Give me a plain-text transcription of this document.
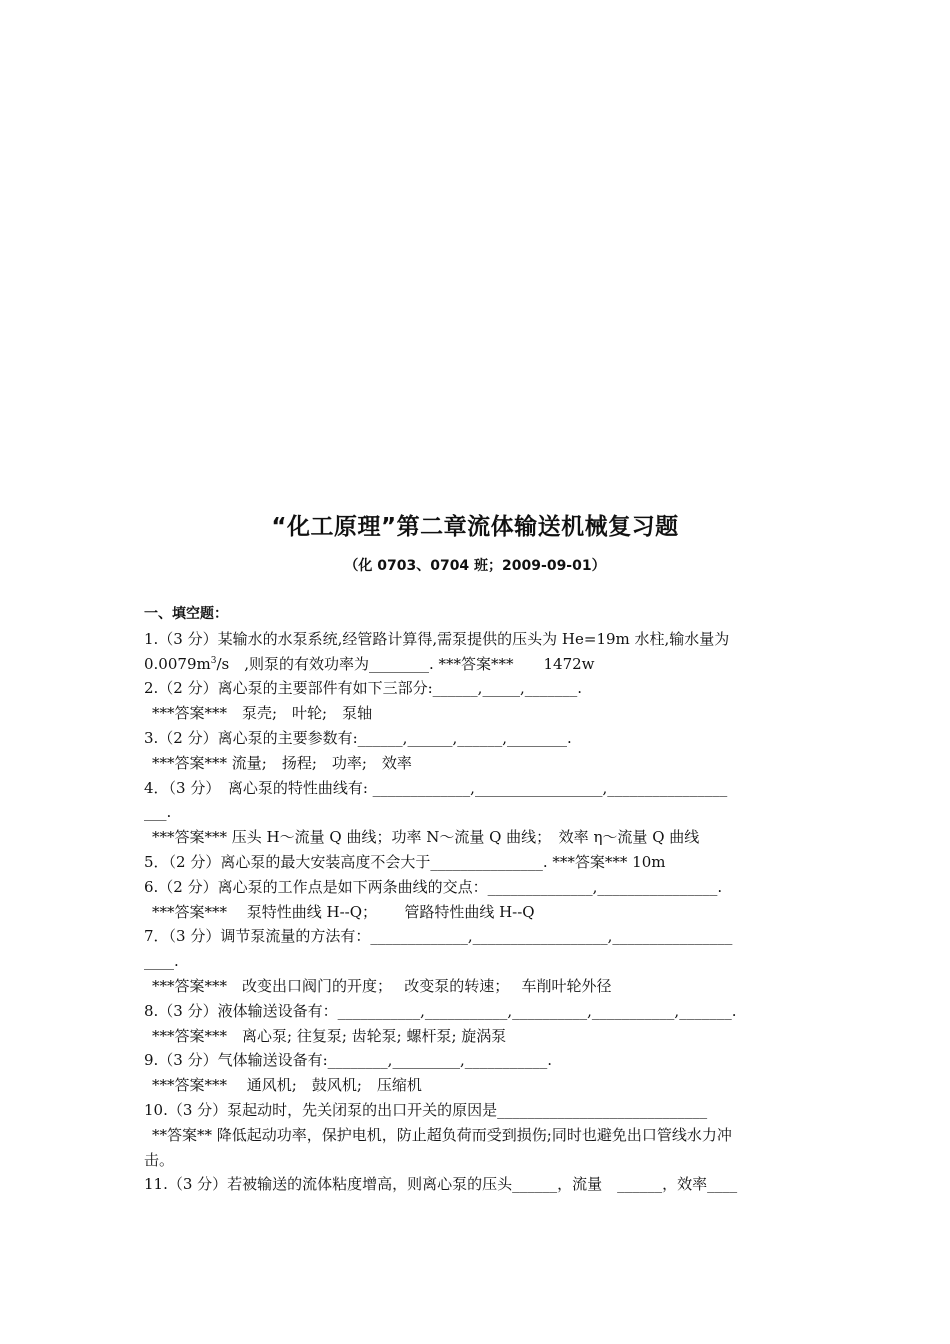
“化工原理”第二章流体输送机械复习题
（化 0703、0704 班；2009-09-01）
一、填空题：
1.（3 分）某输水的水泵系统,经管路计算得,需泵提供的压头为 He=19m 水柱,输水量为
$0.0079m^3/s$　,则泵的有效功率为________. ***答案***　　1472w
2.（2 分）离心泵的主要部件有如下三部分:______,_____,_______.
***答案***　泵壳;　叶轮;　泵轴
3.（2 分）离心泵的主要参数有:______,______,______,________.
***答案*** 流量;　扬程;　功率;　效率
4．（3 分）　离心泵的特性曲线有: _____________,_________________,________________
___.
***答案*** 压头 H～流量 Q 曲线；功率 N～流量 Q 曲线；　效率 η～流量 Q 曲线
5．（2 分）离心泵的最大安装高度不会大于_______________. ***答案*** 10m
6.（2 分）离心泵的工作点是如下两条曲线的交点：______________,________________.
***答案***　 泵特性曲线 H--Q；　　 管路特性曲线 H--Q
7．（3 分）调节泵流量的方法有：_____________,__________________,________________
____.
***答案***　改变出口阀门的开度；　 改变泵的转速；　 车削叶轮外径
8.（3 分）液体输送设备有：___________,___________,__________,___________,_______.
***答案***　离心泵; 往复泵; 齿轮泵; 螺杆泵; 旋涡泵
9.（3 分）气体输送设备有:________,_________,___________.
***答案***　 通风机;　鼓风机;　压缩机
10.（3 分）泵起动时，先关闭泵的出口开关的原因是____________________________
**答案** 降低起动功率，保护电机，防止超负荷而受到损伤;同时也避免出口管线水力冲
击。
11.（3 分）若被输送的流体粘度增高，则离心泵的压头______，流量　______，效率____
